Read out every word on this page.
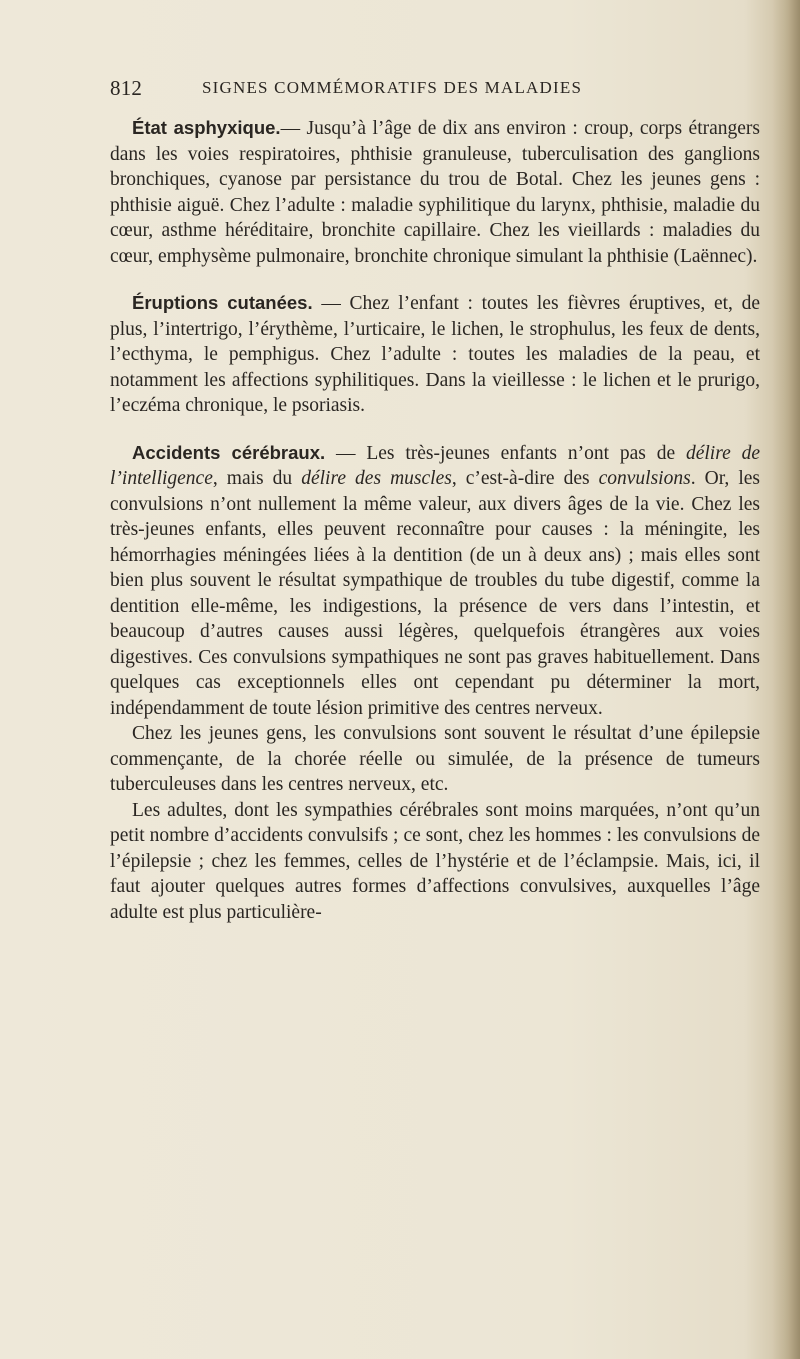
812	SIGNES COMMÉMORATIFS DES MALADIES

État asphyxique.— Jusqu’à l’âge de dix ans environ : croup, corps étrangers dans les voies respiratoires, phthisie granuleuse, tuberculisation des ganglions bronchiques, cyanose par persistance du trou de Botal. Chez les jeunes gens : phthisie aiguë. Chez l’adulte : maladie syphilitique du larynx, phthisie, maladie du cœur, asthme héréditaire, bronchite capillaire. Chez les vieillards : maladies du cœur, emphysème pulmonaire, bronchite chronique simulant la phthisie (Laënnec).

Éruptions cutanées. — Chez l’enfant : toutes les fièvres éruptives, et, de plus, l’intertrigo, l’érythème, l’urticaire, le lichen, le strophulus, les feux de dents, l’ecthyma, le pemphigus. Chez l’adulte : toutes les maladies de la peau, et notamment les affections syphilitiques. Dans la vieillesse : le lichen et le prurigo, l’eczéma chronique, le psoriasis.

Accidents cérébraux. — Les très-jeunes enfants n’ont pas de délire de l’intelligence, mais du délire des muscles, c’est-à-dire des convulsions. Or, les convulsions n’ont nullement la même valeur, aux divers âges de la vie. Chez les très-jeunes enfants, elles peuvent reconnaître pour causes : la méningite, les hémorrhagies méningées liées à la dentition (de un à deux ans) ; mais elles sont bien plus souvent le résultat sympathique de troubles du tube digestif, comme la dentition elle-même, les indigestions, la présence de vers dans l’intestin, et beaucoup d’autres causes aussi légères, quelquefois étrangères aux voies digestives. Ces convulsions sympathiques ne sont pas graves habituellement. Dans quelques cas exceptionnels elles ont cependant pu déterminer la mort, indépendamment de toute lésion primitive des centres nerveux.

Chez les jeunes gens, les convulsions sont souvent le résultat d’une épilepsie commençante, de la chorée réelle ou simulée, de la présence de tumeurs tuberculeuses dans les centres nerveux, etc.

Les adultes, dont les sympathies cérébrales sont moins marquées, n’ont qu’un petit nombre d’accidents convulsifs ; ce sont, chez les hommes : les convulsions de l’épilepsie ; chez les femmes, celles de l’hystérie et de l’éclampsie. Mais, ici, il faut ajouter quelques autres formes d’affections convulsives, auxquelles l’âge adulte est plus particulière-
